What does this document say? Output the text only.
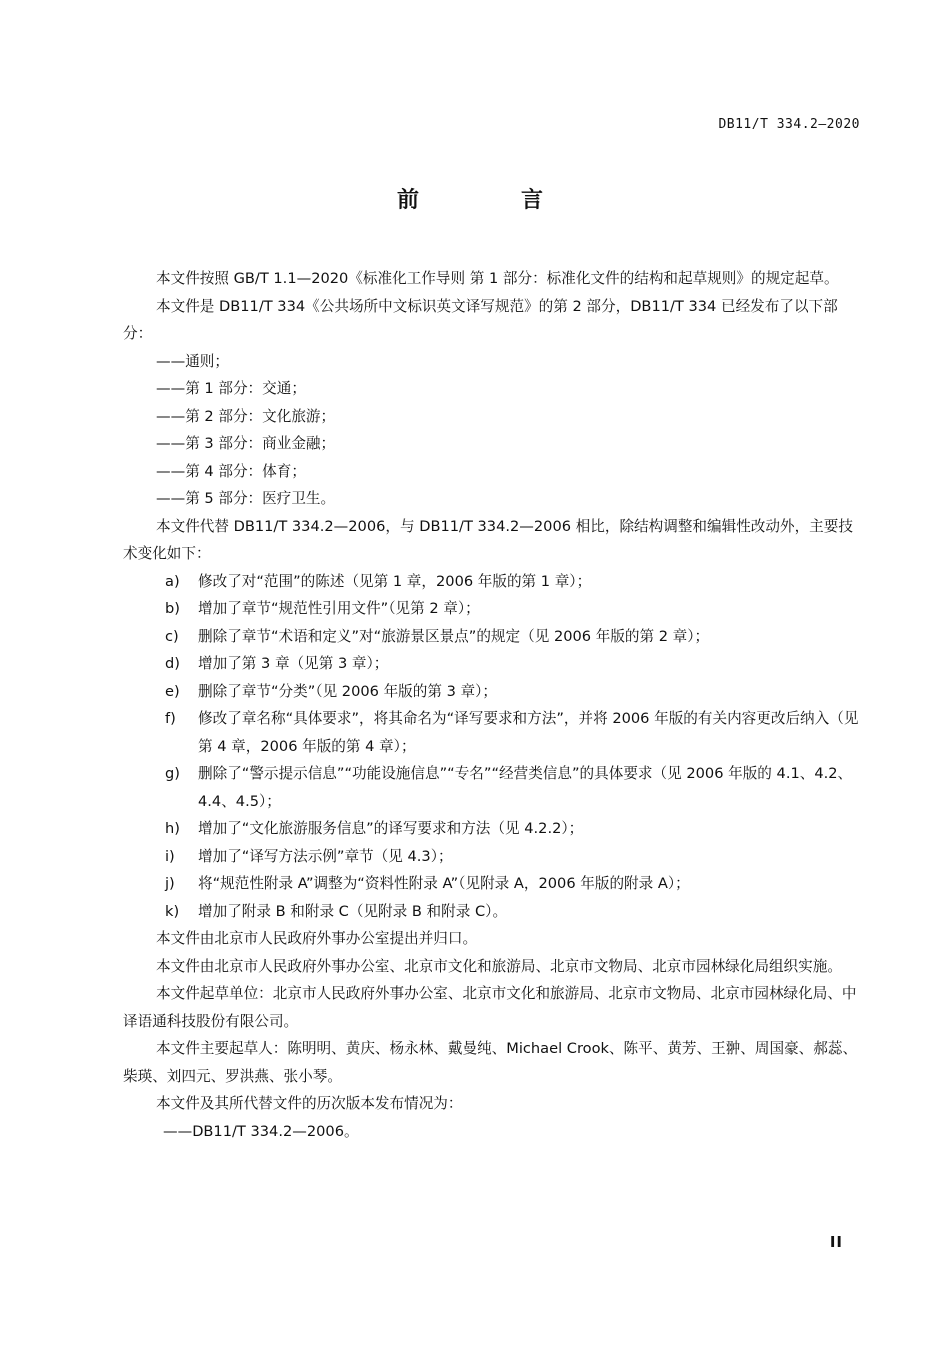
DB11/T 334.2—2020
前　言

本文件按照 GB/T 1.1—2020《标准化工作导则 第 1 部分：标准化文件的结构和起草规则》的规定起草。

本文件是 DB11/T 334《公共场所中文标识英文译写规范》的第 2 部分，DB11/T 334 已经发布了以下部分：

——通则；

——第 1 部分：交通；

——第 2 部分：文化旅游；

——第 3 部分：商业金融；

——第 4 部分：体育；

——第 5 部分：医疗卫生。

本文件代替 DB11/T 334.2—2006，与 DB11/T 334.2—2006 相比，除结构调整和编辑性改动外，主要技术变化如下：

a)	修改了对“范围”的陈述（见第 1 章，2006 年版的第 1 章）；
b)	增加了章节“规范性引用文件”（见第 2 章）；
c)	删除了章节“术语和定义”对“旅游景区景点”的规定（见 2006 年版的第 2 章）；
d)	增加了第 3 章（见第 3 章）；
e)	删除了章节“分类”（见 2006 年版的第 3 章）；
f)	修改了章名称“具体要求”，将其命名为“译写要求和方法”，并将 2006 年版的有关内容更改后纳入（见第 4 章，2006 年版的第 4 章）；
g)	删除了“警示提示信息”“功能设施信息”“专名”“经营类信息”的具体要求（见 2006 年版的 4.1、4.2、4.4、4.5）；
h)	增加了“文化旅游服务信息”的译写要求和方法（见 4.2.2）；
i)	增加了“译写方法示例”章节（见 4.3）；
j)	将“规范性附录 A”调整为“资料性附录 A”（见附录 A，2006 年版的附录 A）；
k)	增加了附录 B 和附录 C（见附录 B 和附录 C）。

本文件由北京市人民政府外事办公室提出并归口。

本文件由北京市人民政府外事办公室、北京市文化和旅游局、北京市文物局、北京市园林绿化局组织实施。

本文件起草单位：北京市人民政府外事办公室、北京市文化和旅游局、北京市文物局、北京市园林绿化局、中译语通科技股份有限公司。

本文件主要起草人：陈明明、黄庆、杨永林、戴曼纯、Michael Crook、陈平、黄芳、王翀、周国豪、郝蕊、柴瑛、刘四元、罗洪燕、张小琴。

本文件及其所代替文件的历次版本发布情况为：

——DB11/T 334.2—2006。

II
